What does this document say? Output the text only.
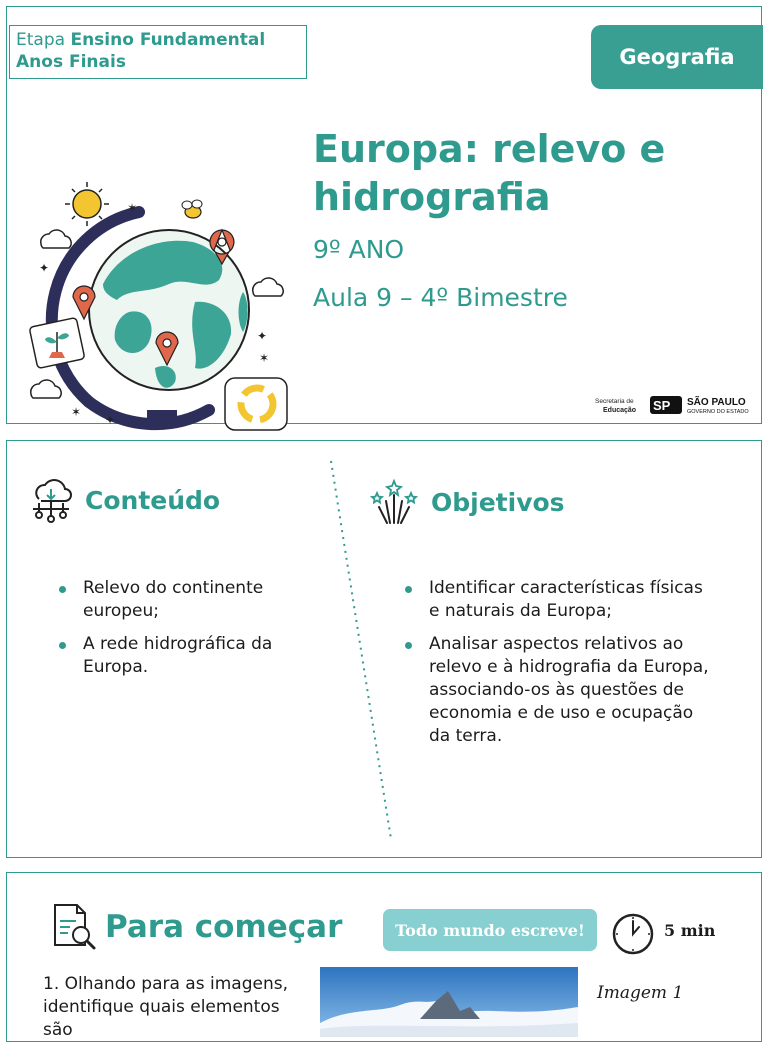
Etapa Ensino Fundamental
Anos Finais	Geografia
Europa: relevo e hidrografia
9º ANO
Aula 9 – 4º Bimestre
✶
✦
✦
✶
✶
✦
Secretaria de
Educação SP SÃO PAULO
GOVERNO DO ESTADO
Conteúdo	Objetivos
Relevo do continente europeu;
A rede hidrográfica da Europa.
Identificar características físicas e naturais da Europa;
Analisar aspectos relativos ao relevo e à hidrografia da Europa, associando-os às questões de economia e de uso e ocupação da terra.
Para começar	Todo mundo escreve!	5 min
1. Olhando para as imagens, identifique quais elementos são
Imagem 1
